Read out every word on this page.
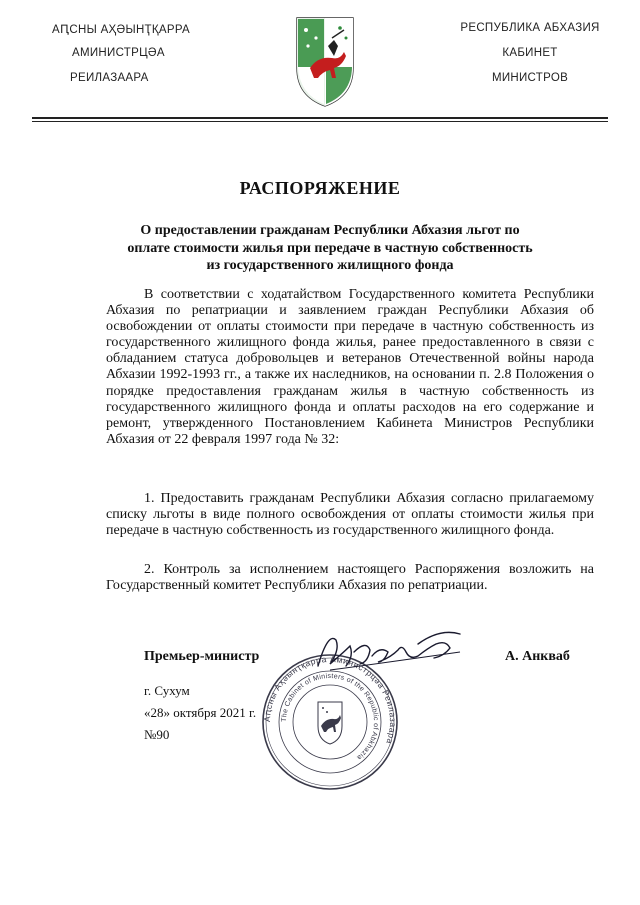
АԤСНЫ АҲӘЫНҬҚАРРА
АМИНИСТРЦӘА
РЕИЛАЗААРА
РЕСПУБЛИКА АБХАЗИЯ
КАБИНЕТ
МИНИСТРОВ
РАСПОРЯЖЕНИЕ
О предоставлении гражданам Республики Абхазия льгот по оплате стоимости жилья при передаче в частную собственность из государственного жилищного фонда

В соответствии с ходатайством Государственного комитета Республики Абхазия по репатриации и заявлением граждан Республики Абхазия об освобождении от оплаты стоимости при передаче в частную собственность из государственного жилищного фонда жилья, ранее предоставленного в связи с обладанием статуса добровольцев и ветеранов Отечественной войны народа Абхазии 1992-1993 гг., а также их наследников, на основании п. 2.8 Положения о порядке предоставления гражданам жилья в частную собственность из государственного жилищного фонда и оплаты расходов на его содержание и ремонт, утвержденного Постановлением Кабинета Министров Республики Абхазия от 22 февраля 1997 года № 32:

1. Предоставить гражданам Республики Абхазия согласно прилагаемому списку льготы в виде полного освобождения от оплаты стоимости жилья при передаче в частную собственность из государственного жилищного фонда.

2. Контроль за исполнением настоящего Распоряжения возложить на Государственный комитет Республики Абхазия по репатриации.

Аԥсны Аҳәынҭқарра Аминистрцәа Реилазаара
The Cabinet of Ministers of the Republic of Abkhazia
Премьер-министр	А. Анкваб
г. Сухум
«28» октября 2021 г.
№90
